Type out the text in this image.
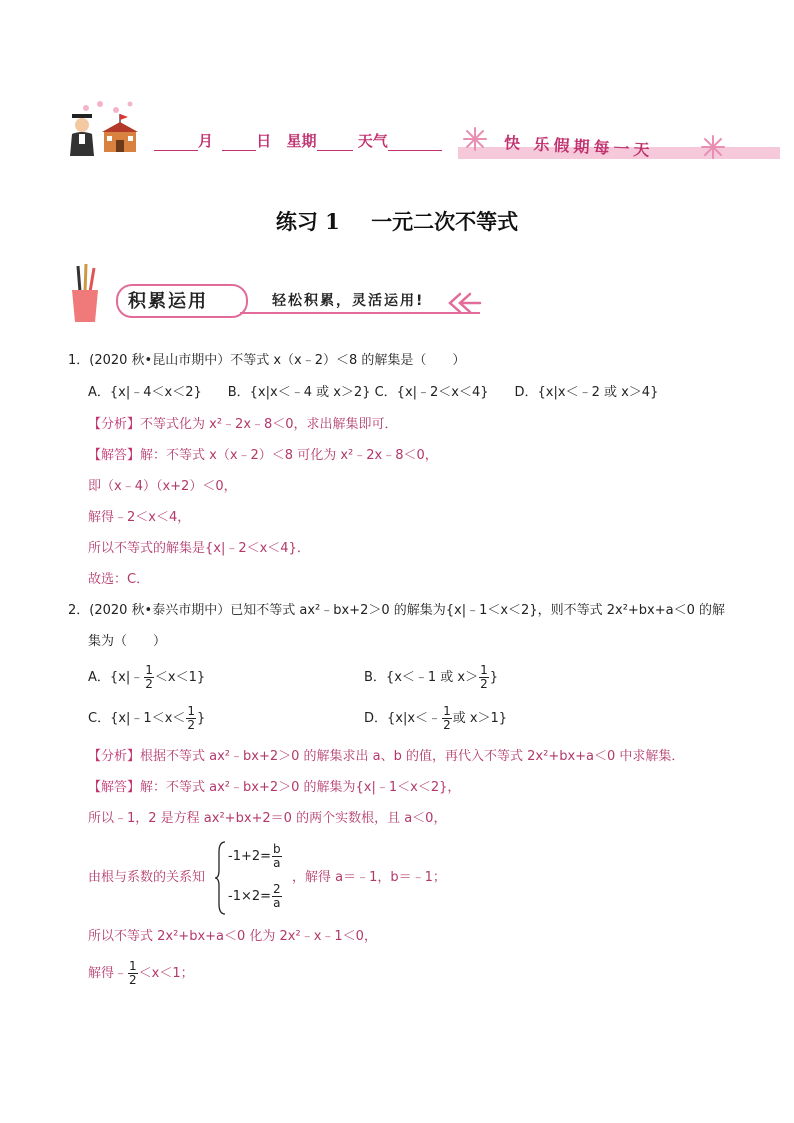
月	日 星期	天气	快 乐假期每一天
练习 1 一元二次不等式
积累运用	轻松积累，灵活运用!
1．(2020 秋•昆山市期中）不等式 x（x﹣2）＜8 的解集是（　　）
A．{x|﹣4＜x＜2}　　B．{x|x＜﹣4 或 x＞2} C．{x|﹣2＜x＜4}　　D．{x|x＜﹣2 或 x＞4}
【分析】不等式化为 x²﹣2x﹣8＜0，求出解集即可．
【解答】解：不等式 x（x﹣2）＜8 可化为 x²﹣2x﹣8＜0，
即（x﹣4）（x+2）＜0，
解得﹣2＜x＜4，
所以不等式的解集是{x|﹣2＜x＜4}．
故选：C．
2．(2020 秋•泰兴市期中）已知不等式 ax²﹣bx+2＞0 的解集为{x|﹣1＜x＜2}，则不等式 2x²+bx+a＜0 的解
集为（　　）
A．{x|﹣ $\frac{1}{2} <x<1$}	B．{x＜﹣1 或 $x> \frac{1}{2}$ }
C．{x|﹣1＜x＜ $\frac{1}{2}$ }	D．{x|x＜﹣ $\frac{1}{2}$ 或 x＞1}
【分析】根据不等式 ax²﹣bx+2＞0 的解集求出 a、b 的值，再代入不等式 2x²+bx+a＜0 中求解集．
【解答】解：不等式 ax²﹣bx+2＞0 的解集为{x|﹣1＜x＜2}，
所以﹣1，2 是方程 ax²+bx+2＝0 的两个实数根，且 a＜0，
由根与系数的关系知
$-1+2= \frac{b}{a}$
$-1\times 2= \frac{2}{a}$
，解得 a＝﹣1，b＝﹣1；
所以不等式 2x²+bx+a＜0 化为 2x²﹣x﹣1＜0，
解得﹣ $\frac{1}{2} <x<1$；
